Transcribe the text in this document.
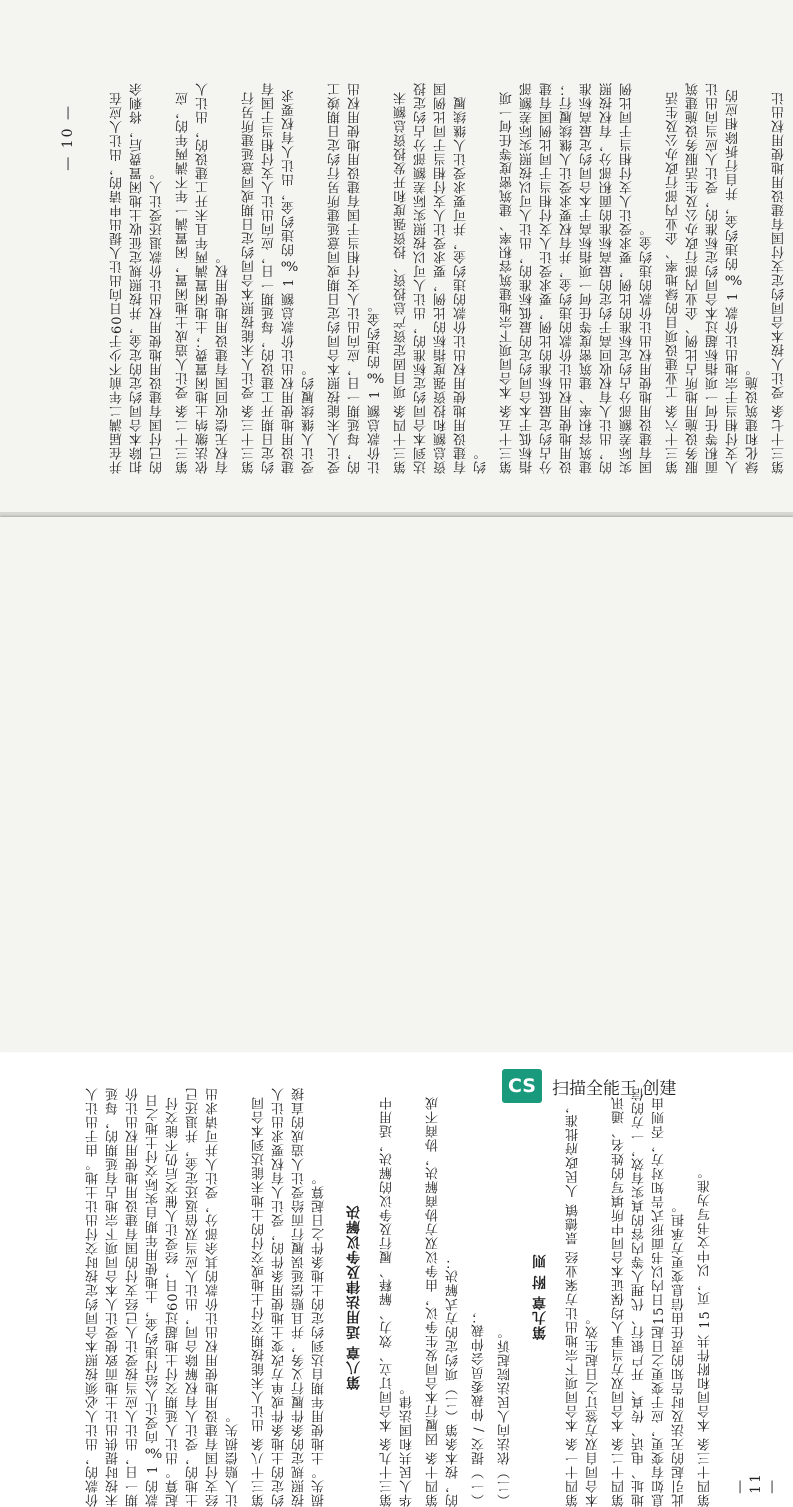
— 10 —	并在届满二年前不少于60日向出让人提出申请的，出让人应在扣除本合同约定的定金，并按照规定征收土地闲置费后，将剩余的已付国有建设用地使用权出让价款退还受让人。 第三十二条 受让人造成土地闲置，闲置满一年不满两年的，应依法缴纳土地闲置费；土地闲置满两年且未开工建设的，出让人有权无偿收回国有建设用地使用权。 第三十三条 受让人未能按照本合同约定日期或同意延建所另行约定日期开工建设的，每延期一日，应向出让人支付相当于国有建设用地使用权出让价款总额 1 ‰的违约金，出让人有权要求受让人继续履约。 受让人未能按照本合同约定日期或同意延建所另行约定日期竣工的，每延期一日，应向出让人支付相当于国有建设用地使用权出让价款总额 1 ‰的违约金。 第三十四条 项目固定资产总投资、投资强度和开发投资总额未达到本合同约定标准的，出让人可以按照实际差额部分占约定投资总额和投资强度指标的比例，要求受让人支付相当于同比例国有建设用地使用权出让价款的违约金，并可要求受让人继续履约。 第三十五条 本合同项下宗地建筑容积率、建筑密度等任何一项指标低于本合同约定的最低标准的，出让人可以按照实际差额部分占约定最低标准的比例，要求受让人支付相当于同比例国有建设用地使用权出让价款的违约金，并有权要求受让人继续履行；建筑容积率、建筑密度等任何一项指标高于本合同约定最高标准的，出让人有权收回高于约定的最高标准的面积部分，有权按照实际差额部分占约定标准的比例，要求受让人支付相当于同比例国有建设用地使用权出让价款的违约金。 第三十六条 工业建设项目的绿地率、企业内部行政办公及生活服务设施用地所占比例、企业内部行政办公及生活服务设施建筑面积等任何一项指标超过本合同约定标准的，受让人应当向出让人支付相当于宗地出让价款 1 ‰的违约金，并自行拆除相应的绿化和建筑设施。 第三十七条 受让人按本合同约定支付国有建设用地使用权出让

价款的，出让人必须按照本合同约定按时交付出让土地。由于出让人未按时提供出让土地而致使受让人本合同项下宗地占有延期的，每延期一日，出让人应当按受让人已经支付的国有建设用地使用权出让价款的 1 ‰向受让人给付违约金，土地使用年期自实际交付土地之日起算。出让人延期交付土地超过60日，经受让人催交后仍不能交付土地的，受让人有权解除合同，出让人应当双倍返还定金，并退还已经支付国有建设用地使用权出让价款的其余部分，受让人并可请求出让人赔偿损失。 第三十八条 出让人未能按期交付土地或交付的土地未能达到本合同约定的土地条件或单方改变土地使用条件的，受让人有权要求出让人按照规定的条件履行义务，并且赔偿延误履行而给受让人造成的直接损失。土地使用年期自达到约定的土地条件之日起算。 第八章 适用法律及争议解决 第三十九条 本合同订立、效力、解释、履行及争议的解决，适用中华人民共和国法律。 第四十条 因履行本合同发生争议，由争议双方协商解决，协商不成的，按本条第（二）项约定的方式解决： （一）提交 / 仲裁委员会仲裁； （二）依法向人民法院起诉。

第九章 附 则 第四十一条 本合同项下宗地出让方案业经 景德镇 人民政府批准，本合同自双方签订之日起生效。 第四十二条 本合同双方当事人均保证本合同中所填写的姓名、通讯地址、电话、传真、开户银行、代理人等内容的真实有效，一方的信息如有变更，应于变更之日起15日内以书面形式告知对方，否则由此引起的无法及时告知的责任由信息变更方承担。 第四十三条 本合同和附件共 15 页，以中文书写为准。 — 11 —
CS 扫描全能王 创建
